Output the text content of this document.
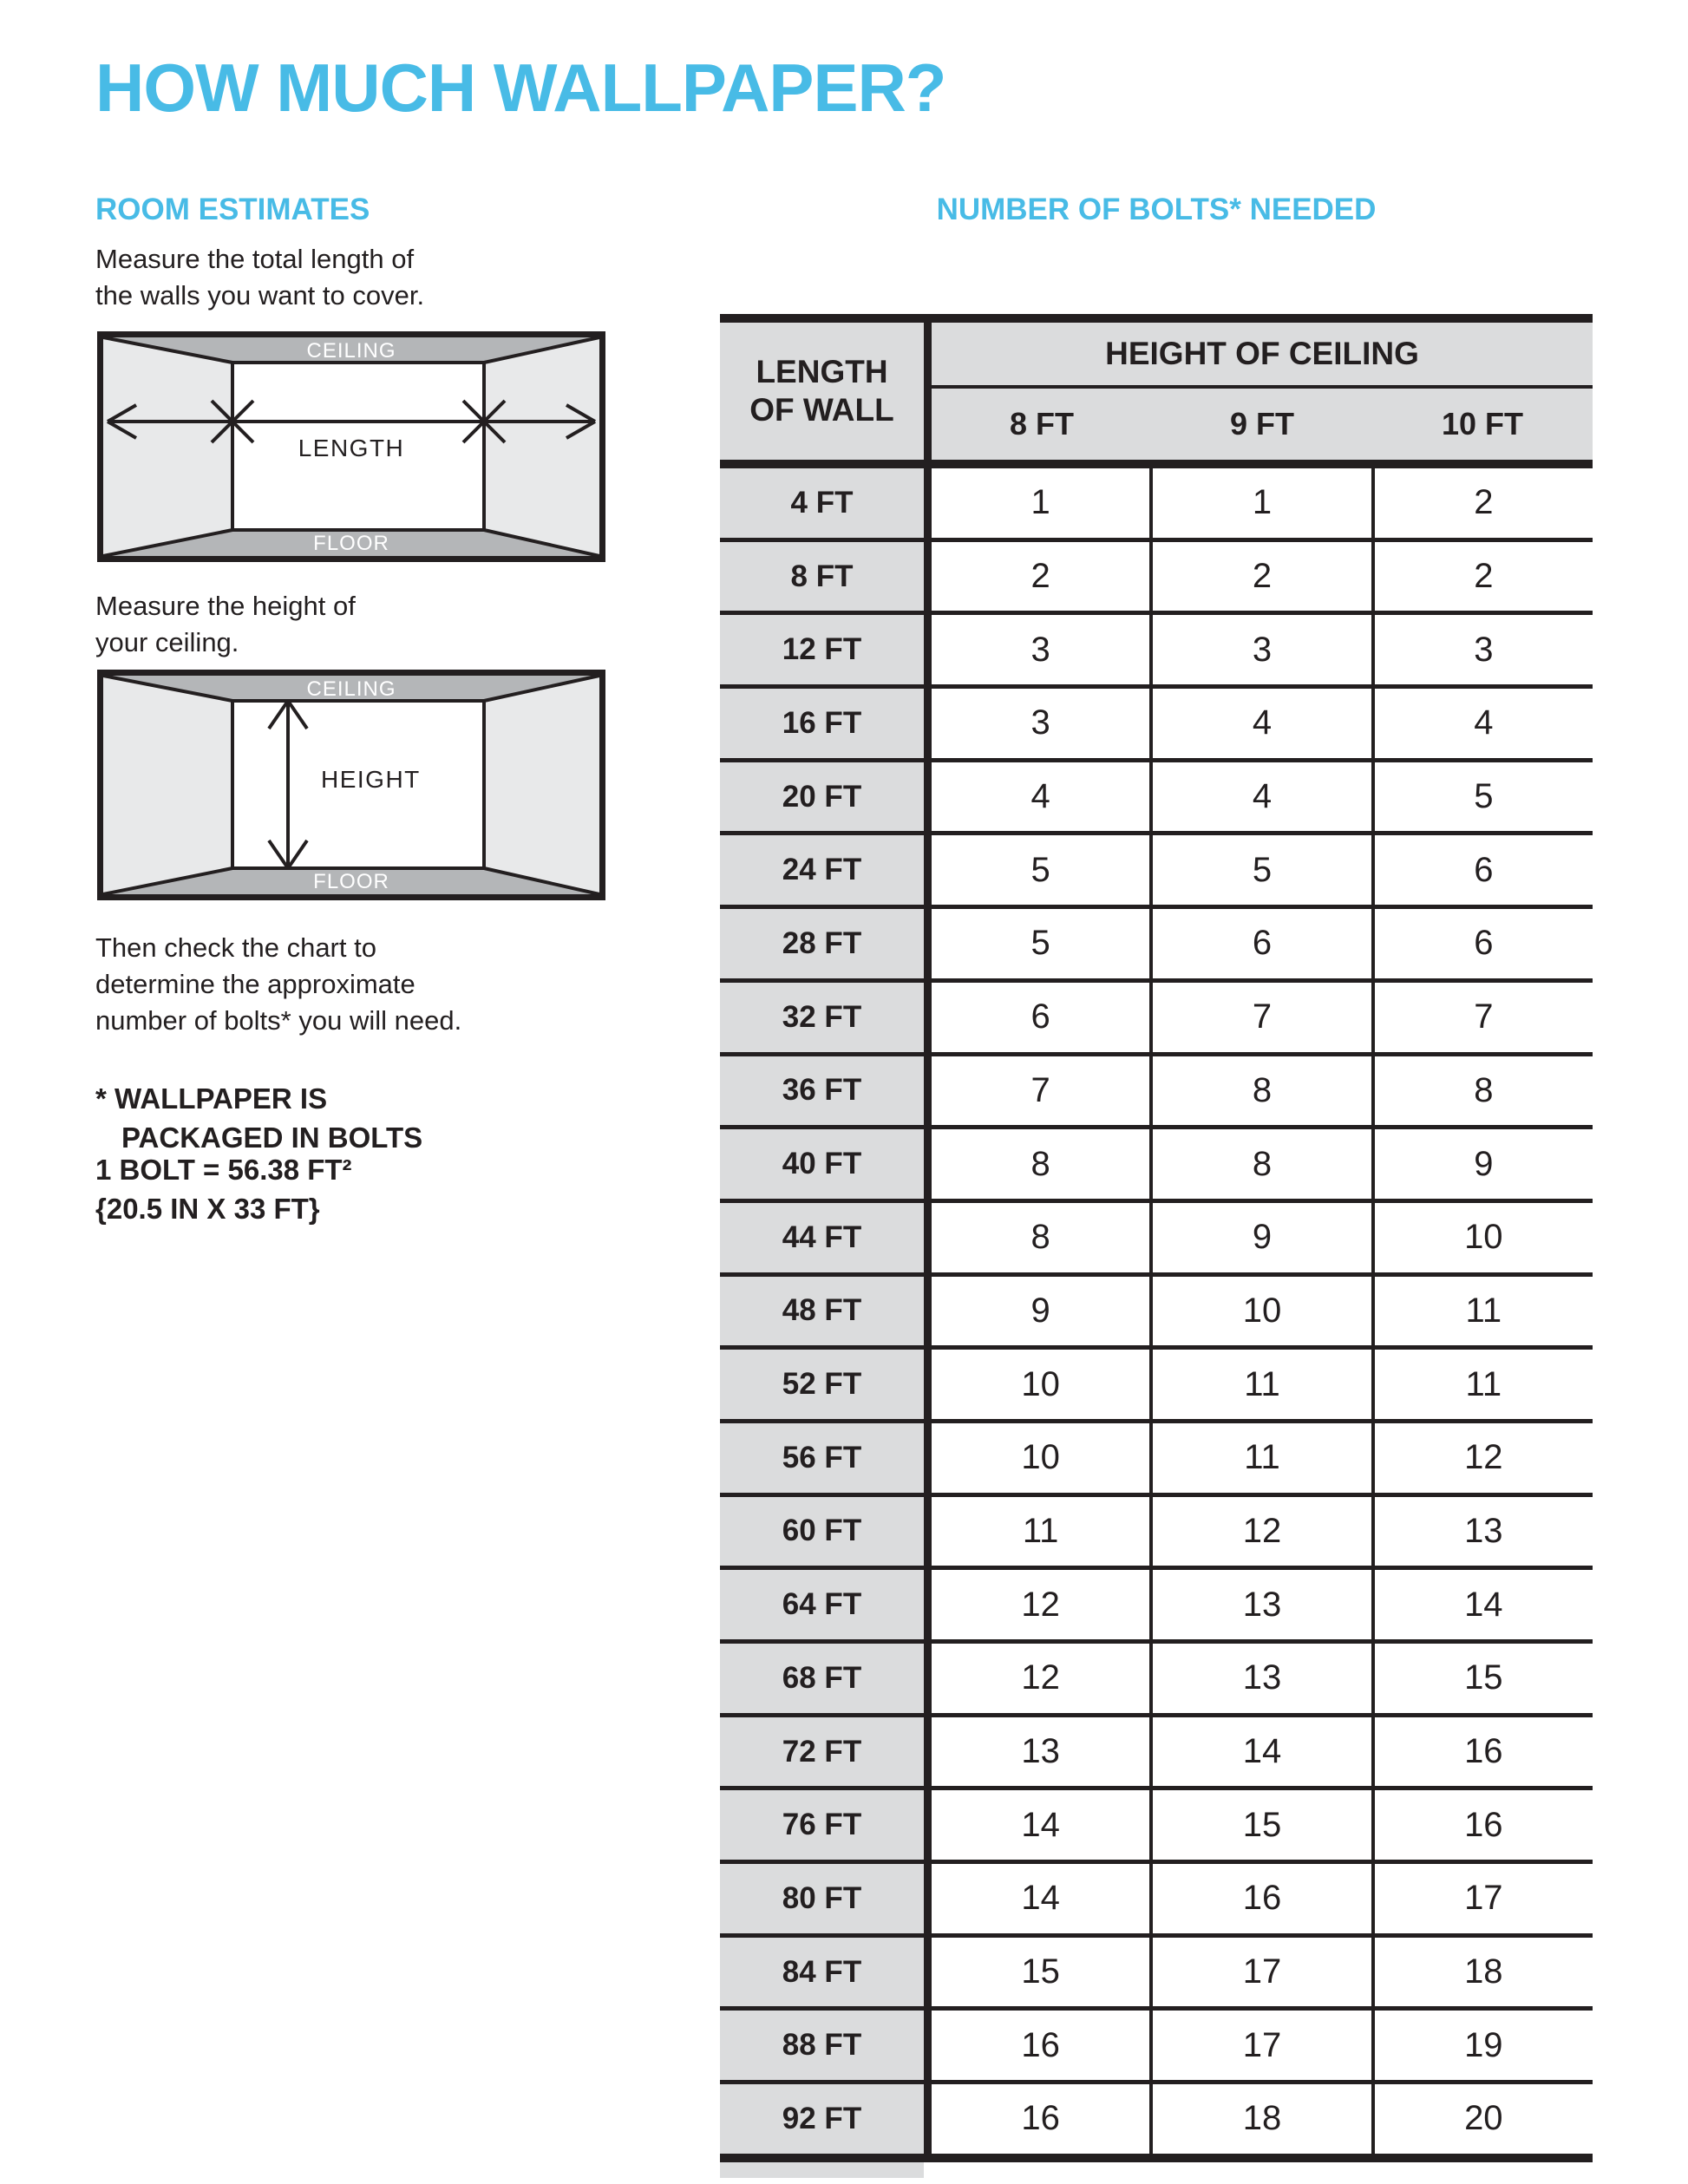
HOW MUCH WALLPAPER?
ROOM ESTIMATES	NUMBER OF BOLTS* NEEDED
Measure the total length of
the walls you want to cover.
CEILING
FLOOR
LENGTH
Measure the height of
your ceiling.
CEILING
FLOOR
HEIGHT
Then check the chart to
determine the approximate
number of bolts* you will need.
* WALLPAPER IS
PACKAGED IN BOLTS
1 BOLT = 56.38 FT²
{20.5 IN X 33 FT}
LENGTH
OF WALL
HEIGHT OF CEILING
8 FT	9 FT	10 FT
4 FT	1	1	2
8 FT	2	2	2
12 FT	3	3	3
16 FT	3	4	4
20 FT	4	4	5
24 FT	5	5	6
28 FT	5	6	6
32 FT	6	7	7
36 FT	7	8	8
40 FT	8	8	9
44 FT	8	9	10
48 FT	9	10	11
52 FT	10	11	11
56 FT	10	11	12
60 FT	11	12	13
64 FT	12	13	14
68 FT	12	13	15
72 FT	13	14	16
76 FT	14	15	16
80 FT	14	16	17
84 FT	15	17	18
88 FT	16	17	19
92 FT	16	18	20
